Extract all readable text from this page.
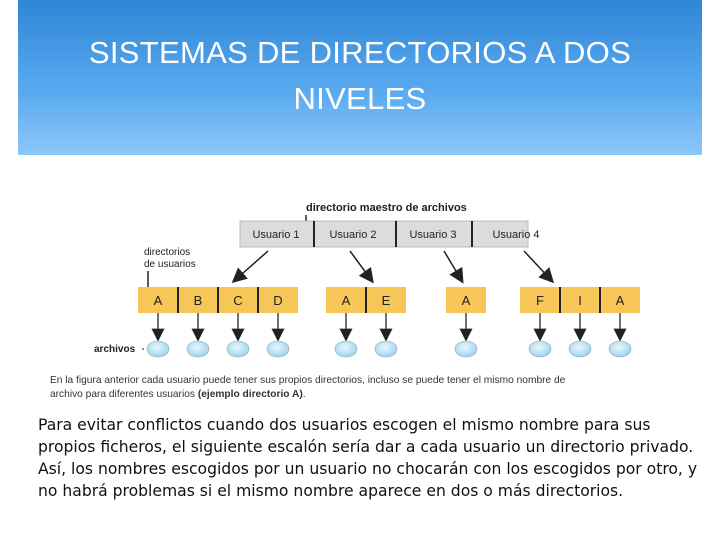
SISTEMAS DE DIRECTORIOS A DOS NIVELES
directorio maestro de archivos
Usuario 1	Usuario 2	Usuario 3	Usuario 4
directorios
de usuarios
A B C D	A E	A	F	I	A
archivos
En la figura anterior cada usuario puede tener sus propios directorios, incluso se puede tener el mismo nombre de
archivo para diferentes usuarios (ejemplo directorio A).
Para evitar conflictos cuando dos usuarios escogen el mismo nombre para sus propios ficheros, el siguiente escalón sería dar a cada usuario un directorio privado. Así, los nombres escogidos por un usuario no chocarán con los escogidos por otro, y no habrá problemas si el mismo nombre aparece en dos o más directorios.
